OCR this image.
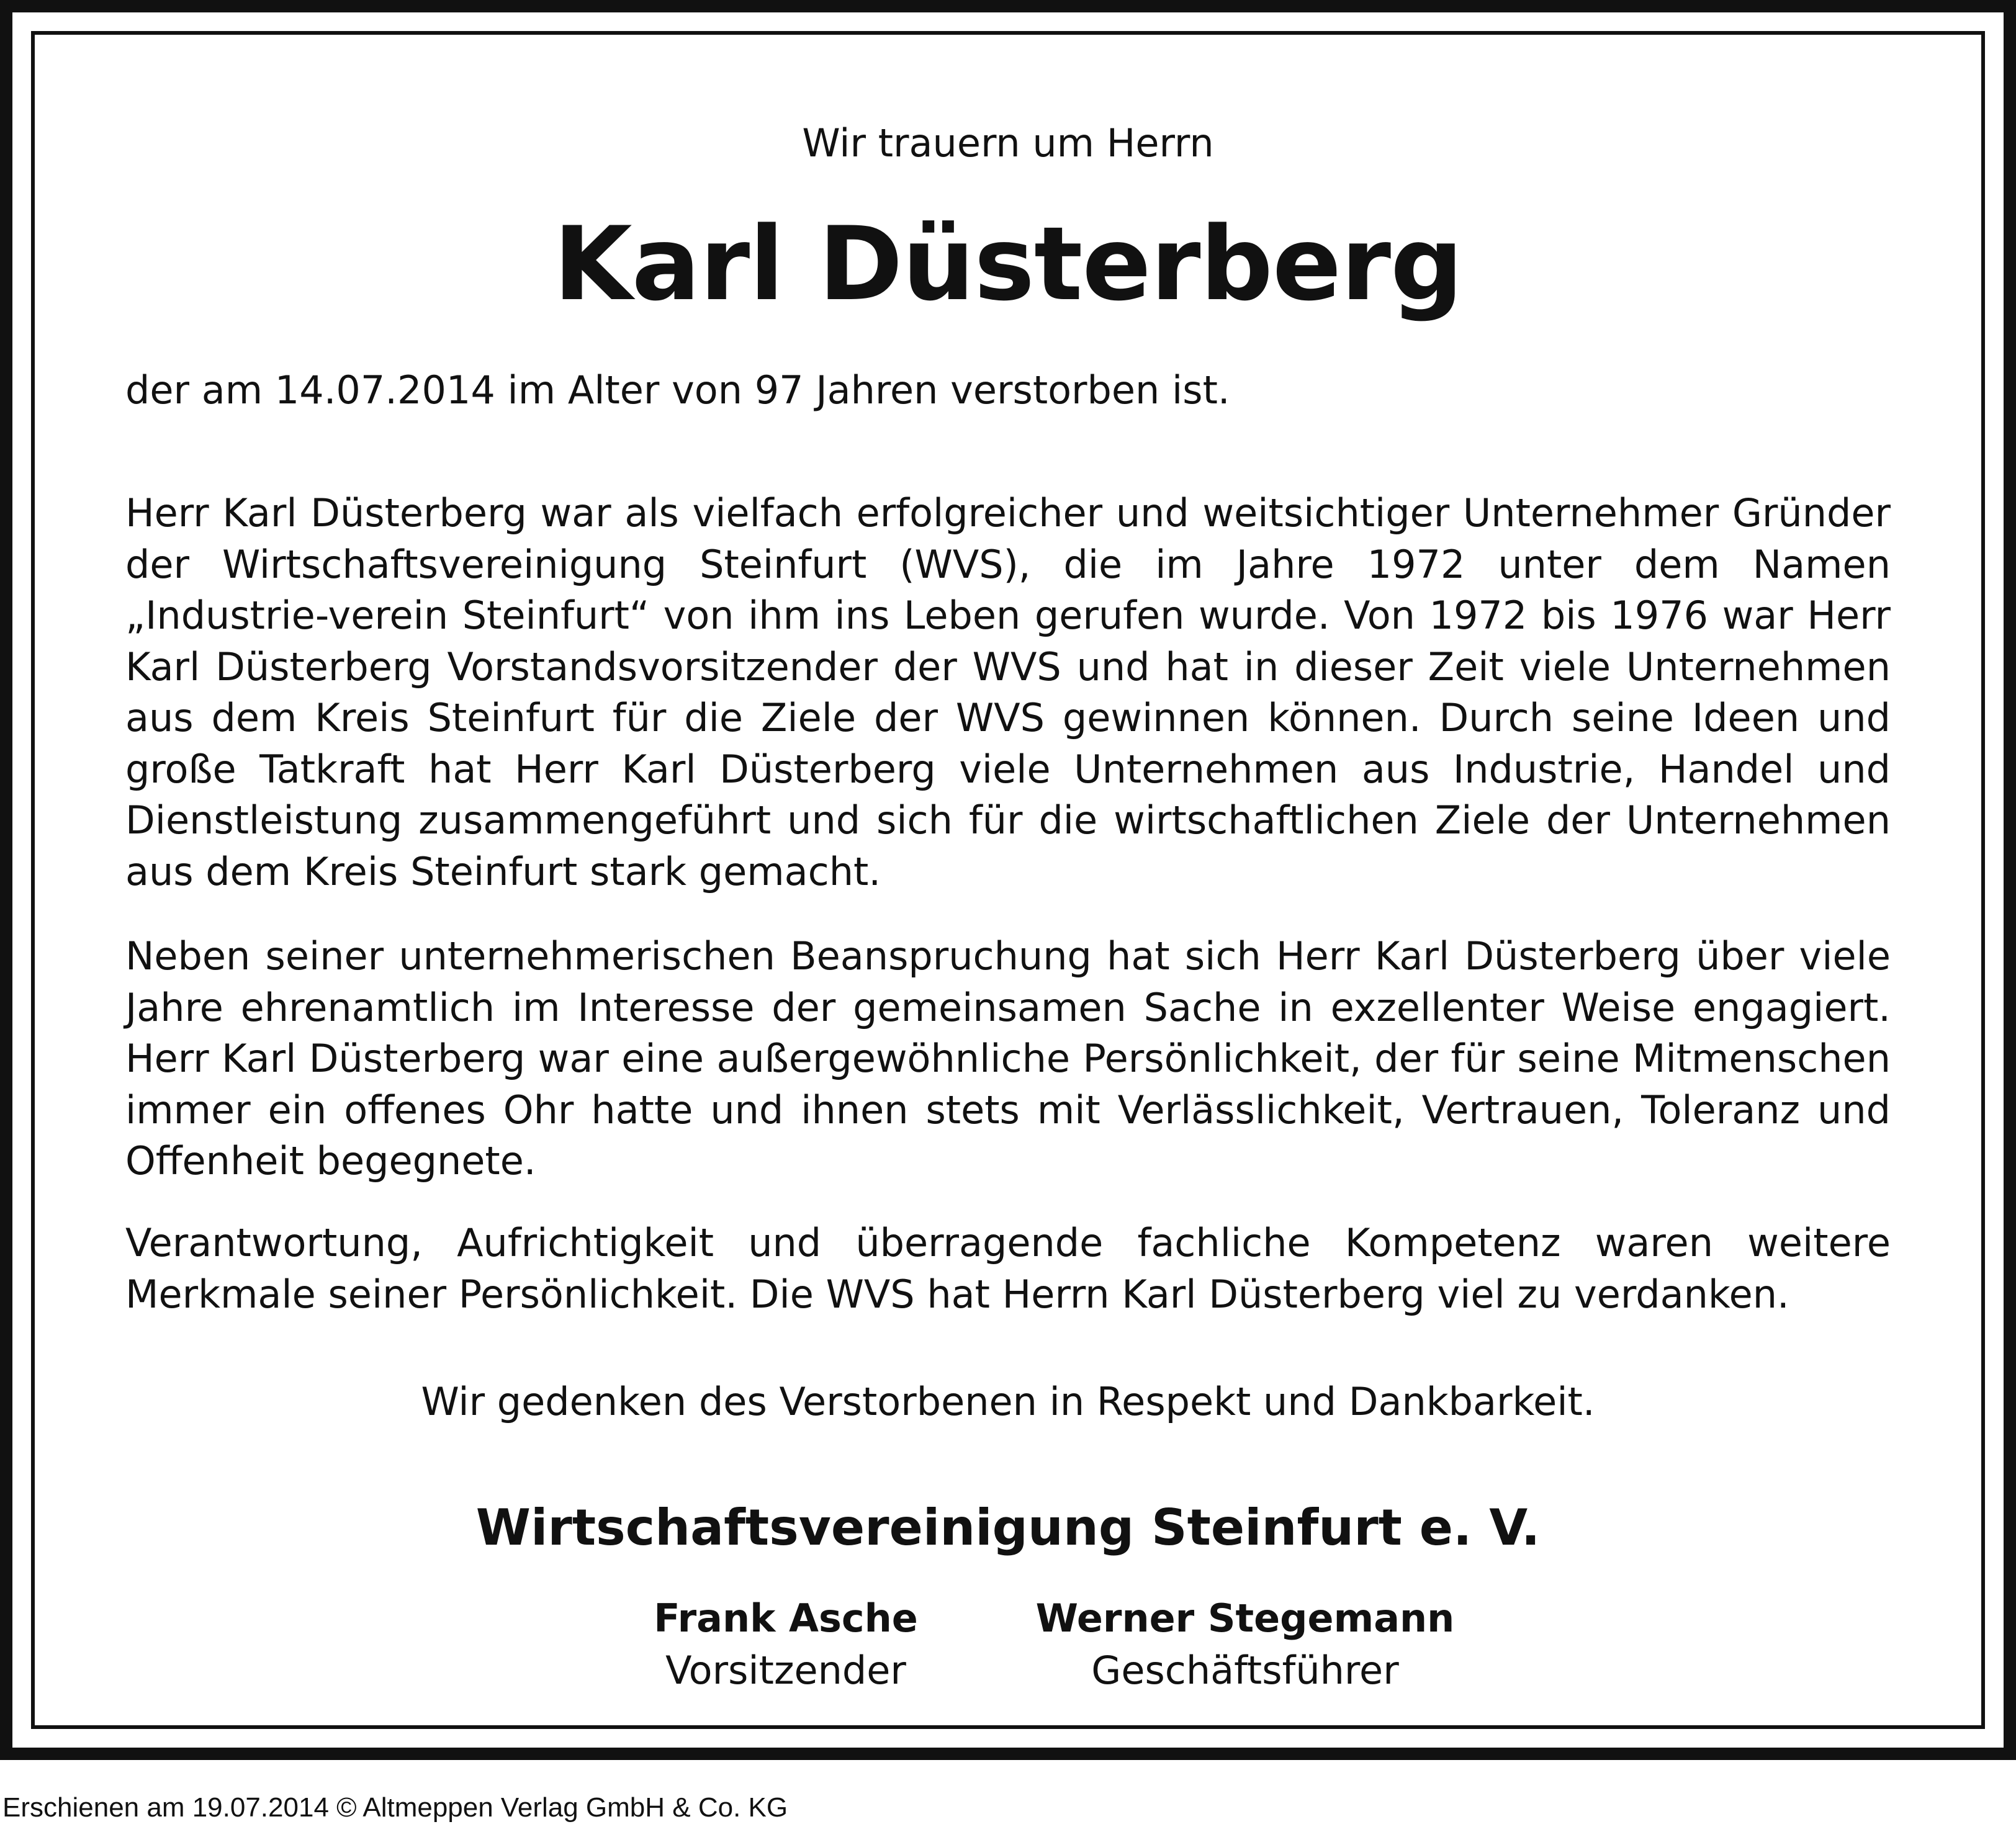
Wir trauern um Herrn
Karl Düsterberg
der am 14.07.2014 im Alter von 97 Jahren verstorben ist.

Herr Karl Düsterberg war als vielfach erfolgreicher und weitsichtiger Unternehmer Gründer der Wirtschaftsvereinigung Steinfurt (WVS), die im Jahre 1972 unter dem Namen „Industrie-verein Steinfurt“ von ihm ins Leben gerufen wurde. Von 1972 bis 1976 war Herr Karl Düsterberg Vorstandsvorsitzender der WVS und hat in dieser Zeit viele Unternehmen aus dem Kreis Steinfurt für die Ziele der WVS gewinnen können. Durch seine Ideen und große Tatkraft hat Herr Karl Düsterberg viele Unternehmen aus Industrie, Handel und Dienstleistung zusammengeführt und sich für die wirtschaftlichen Ziele der Unternehmen aus dem Kreis Steinfurt stark gemacht.

Neben seiner unternehmerischen Beanspruchung hat sich Herr Karl Düsterberg über viele Jahre ehrenamtlich im Interesse der gemeinsamen Sache in exzellenter Weise engagiert. Herr Karl Düsterberg war eine außergewöhnliche Persönlichkeit, der für seine Mitmenschen immer ein offenes Ohr hatte und ihnen stets mit Verlässlichkeit, Vertrauen, Toleranz und Offenheit begegnete.

Verantwortung, Aufrichtigkeit und überragende fachliche Kompetenz waren weitere Merkmale seiner Persönlichkeit. Die WVS hat Herrn Karl Düsterberg viel zu verdanken.

Wir gedenken des Verstorbenen in Respekt und Dankbarkeit.
Wirtschaftsvereinigung Steinfurt e. V.
Frank Asche
Vorsitzender
Werner Stegemann
Geschäftsführer
Erschienen am 19.07.2014 © Altmeppen Verlag GmbH & Co. KG
